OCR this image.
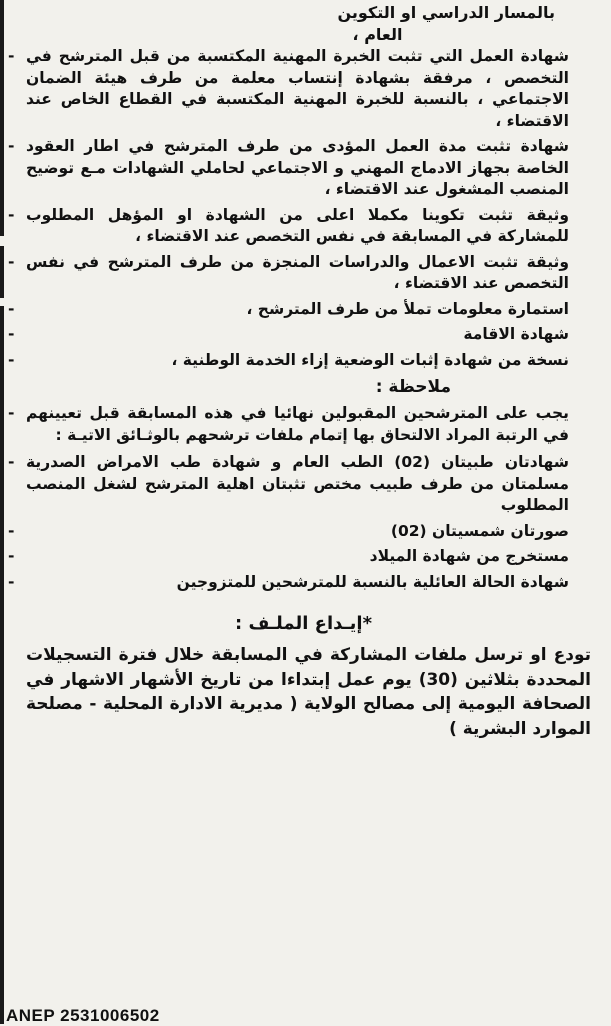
بالمسار الدراسي او التكوين
العام ،
- شهادة العمل التي تثبت الخبرة المهنية المكتسبة من قبل المترشح في التخصص ، مرفقة بشهادة إنتساب معلمة من طرف هيئة الضمان الاجتماعي ، بالنسبة للخبرة المهنية المكتسبة في القطاع الخاص عند الاقتضاء ،
- شهادة تثبت مدة العمل المؤدى من طرف المترشح في اطار العقود الخاصة بجهاز الادماج المهني و الاجتماعي لحاملي الشهادات مـع توضيح المنصب المشغول عند الاقتضاء ،
- وثيقة تثبت تكوينا مكملا اعلى من الشهادة او المؤهل المطلوب للمشاركة في المسابقة في نفس التخصص عند الاقتضاء ،
- وثيقة تثبت الاعمال والدراسات المنجزة من طرف المترشح في نفس التخصص عند الاقتضاء ،
- استمارة معلومات تملأ من طرف المترشح ،
- شهادة الاقامة
- نسخة من شهادة إثبات الوضعية إزاء الخدمة الوطنية ،
ملاحظة :
- يجب على المترشحين المقبولين نهائيا في هذه المسابقة قبل تعيينهم في الرتبة المراد الالتحاق بها إتمام ملفات ترشحهم بالوثـائق الاتيـة :
- شهادتان طبيتان (02) الطب العام و شهادة طب الامراض الصدرية مسلمتان من طرف طبيب مختص تثبتان اهلية المترشح لشغل المنصب المطلوب
- صورتان شمسيتان (02)
- مستخرج من شهادة الميلاد
- شهادة الحالة العائلية بالنسبة للمترشحين للمتزوجين
*إيـداع الملـف :
تودع او ترسل ملفات المشاركة في المسابقة خلال فترة التسجيلات المحددة بثلاثين (30) يوم عمل إبتداءا من تاريخ الأشهار الاشهار في الصحافة اليومية إلى مصالح الولاية ( مديرية الادارة المحلية - مصلحة الموارد البشرية )
ANEP 2531006502
